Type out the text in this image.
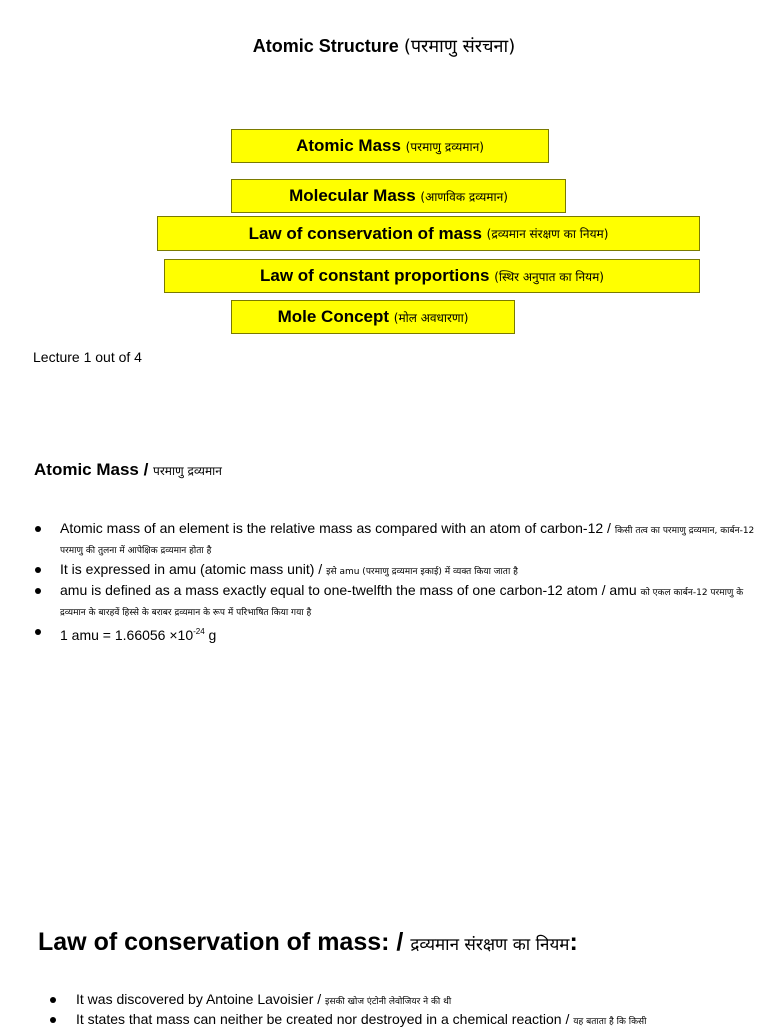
Atomic Structure (परमाणु संरचना)
Atomic Mass
(परमाणु द्रव्यमान)
Molecular Mass
(आणविक द्रव्यमान)
Law of conservation of mass
(द्रव्यमान संरक्षण का नियम)
Law of constant proportions
(स्थिर अनुपात का नियम)
Mole Concept
(मोल अवधारणा)
Lecture 1 out of 4
Atomic Mass / परमाणु द्रव्यमान
Atomic mass of an element is the relative mass as compared with an atom of carbon-12 / किसी तत्व का परमाणु द्रव्यमान, कार्बन-12 परमाणु की तुलना में आपेक्षिक द्रव्यमान होता है
It is expressed in amu (atomic mass unit) / इसे amu (परमाणु द्रव्यमान इकाई) में व्यक्त किया जाता है
amu is defined as a mass exactly equal to one-twelfth the mass of one carbon-12 atom / amu को एकल कार्बन-12 परमाणु के द्रव्यमान के बारहवें हिस्से के बराबर द्रव्यमान के रूप में परिभाषित किया गया है
1 amu = $1.66056 \times 10^{-24}$ g
Law of conservation of mass: / द्रव्यमान संरक्षण का नियम:
It was discovered by Antoine Lavoisier / इसकी खोज एंटोनी लेवोजियर ने की थी
It states that mass can neither be created nor destroyed in a chemical reaction / यह बताता है कि किसी
